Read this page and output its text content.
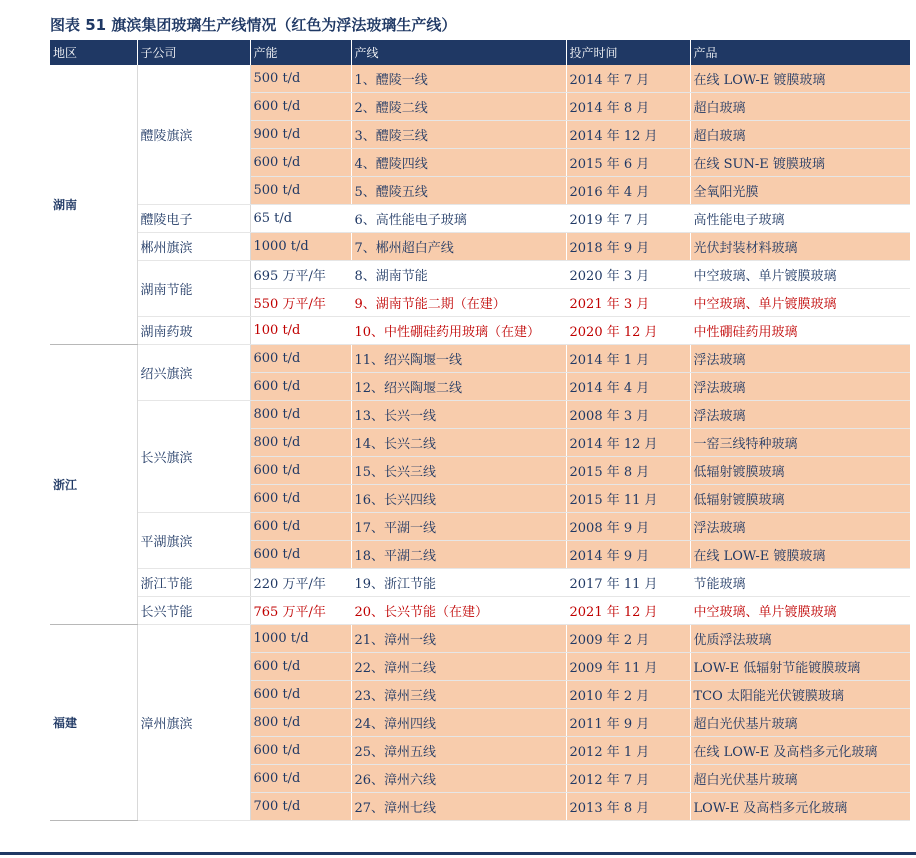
图表 51 旗滨集团玻璃生产线情况（红色为浮法玻璃生产线）
地区	子公司	产能	产线	投产时间	产品
湖南	醴陵旗滨	500 t/d	1、醴陵一线	2014 年 7 月	在线 LOW-E 镀膜玻璃
		600 t/d	2、醴陵二线	2014 年 8 月	超白玻璃
		900 t/d	3、醴陵三线	2014 年 12 月	超白玻璃
		600 t/d	4、醴陵四线	2015 年 6 月	在线 SUN-E 镀膜玻璃
		500 t/d	5、醴陵五线	2016 年 4 月	全氧阳光膜
	醴陵电子	65 t/d	6、高性能电子玻璃	2019 年 7 月	高性能电子玻璃
	郴州旗滨	1000 t/d	7、郴州超白产线	2018 年 9 月	光伏封装材料玻璃
	湖南节能	695 万平/年	8、湖南节能	2020 年 3 月	中空玻璃、单片镀膜玻璃
		550 万平/年	9、湖南节能二期（在建）	2021 年 3 月	中空玻璃、单片镀膜玻璃
	湖南药玻	100 t/d	10、中性硼硅药用玻璃（在建）	2020 年 12 月	中性硼硅药用玻璃
浙江	绍兴旗滨	600 t/d	11、绍兴陶堰一线	2014 年 1 月	浮法玻璃
		600 t/d	12、绍兴陶堰二线	2014 年 4 月	浮法玻璃
	长兴旗滨	800 t/d	13、长兴一线	2008 年 3 月	浮法玻璃
		800 t/d	14、长兴二线	2014 年 12 月	一窑三线特种玻璃
		600 t/d	15、长兴三线	2015 年 8 月	低辐射镀膜玻璃
		600 t/d	16、长兴四线	2015 年 11 月	低辐射镀膜玻璃
	平湖旗滨	600 t/d	17、平湖一线	2008 年 9 月	浮法玻璃
		600 t/d	18、平湖二线	2014 年 9 月	在线 LOW-E 镀膜玻璃
	浙江节能	220 万平/年	19、浙江节能	2017 年 11 月	节能玻璃
	长兴节能	765 万平/年	20、长兴节能（在建）	2021 年 12 月	中空玻璃、单片镀膜玻璃
福建	漳州旗滨	1000 t/d	21、漳州一线	2009 年 2 月	优质浮法玻璃
		600 t/d	22、漳州二线	2009 年 11 月	LOW-E 低辐射节能镀膜玻璃
		600 t/d	23、漳州三线	2010 年 2 月	TCO 太阳能光伏镀膜玻璃
		800 t/d	24、漳州四线	2011 年 9 月	超白光伏基片玻璃
		600 t/d	25、漳州五线	2012 年 1 月	在线 LOW-E 及高档多元化玻璃
		600 t/d	26、漳州六线	2012 年 7 月	超白光伏基片玻璃
		700 t/d	27、漳州七线	2013 年 8 月	LOW-E 及高档多元化玻璃
